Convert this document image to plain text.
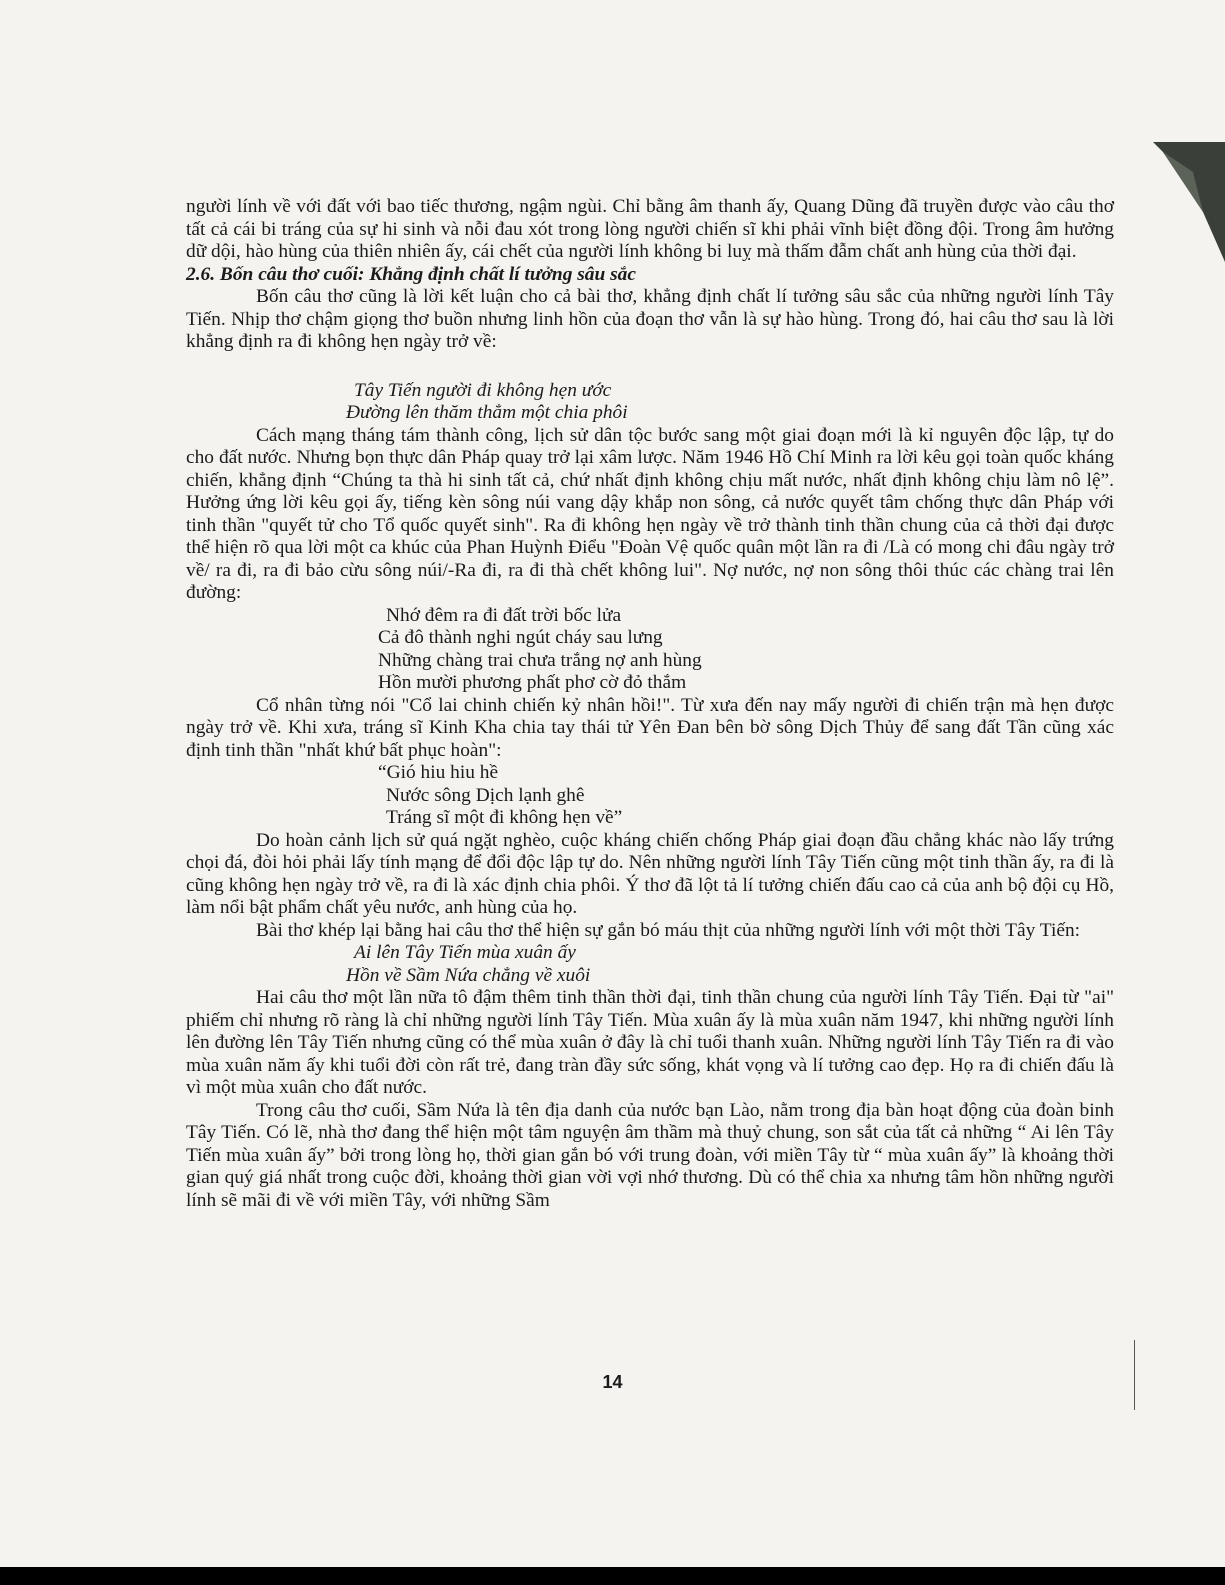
người lính về với đất với bao tiếc thương, ngậm ngùi. Chỉ bằng âm thanh ấy, Quang Dũng đã truyền được vào câu thơ tất cả cái bi tráng của sự hi sinh và nỗi đau xót trong lòng người chiến sĩ khi phải vĩnh biệt đồng đội. Trong âm hưởng dữ dội, hào hùng của thiên nhiên ấy, cái chết của người lính không bi luỵ mà thấm đẫm chất anh hùng của thời đại.

2.6. Bốn câu thơ cuối: Khẳng định chất lí tưởng sâu sắc

Bốn câu thơ cũng là lời kết luận cho cả bài thơ, khẳng định chất lí tưởng sâu sắc của những người lính Tây Tiến. Nhịp thơ chậm giọng thơ buồn nhưng linh hồn của đoạn thơ vẫn là sự hào hùng. Trong đó, hai câu thơ sau là lời khẳng định ra đi không hẹn ngày trở về:

Tây Tiến người đi không hẹn ước

Đường lên thăm thẳm một chia phôi

Cách mạng tháng tám thành công, lịch sử dân tộc bước sang một giai đoạn mới là kỉ nguyên độc lập, tự do cho đất nước. Nhưng bọn thực dân Pháp quay trở lại xâm lược. Năm 1946 Hồ Chí Minh ra lời kêu gọi toàn quốc kháng chiến, khẳng định “Chúng ta thà hi sinh tất cả, chứ nhất định không chịu mất nước, nhất định không chịu làm nô lệ”. Hưởng ứng lời kêu gọi ấy, tiếng kèn sông núi vang dậy khắp non sông, cả nước quyết tâm chống thực dân Pháp với tinh thần "quyết tử cho Tổ quốc quyết sinh". Ra đi không hẹn ngày về trở thành tinh thần chung của cả thời đại được thể hiện rõ qua lời một ca khúc của Phan Huỳnh Điểu "Đoàn Vệ quốc quân một lần ra đi /Là có mong chi đâu ngày trở về/ ra đi, ra đi bảo cừu sông núi/-Ra đi, ra đi thà chết không lui". Nợ nước, nợ non sông thôi thúc các chàng trai lên đường:

Nhớ đêm ra đi đất trời bốc lửa

Cả đô thành nghi ngút cháy sau lưng

Những chàng trai chưa trắng nợ anh hùng

Hồn mười phương phất phơ cờ đỏ thắm

Cổ nhân từng nói "Cổ lai chinh chiến kỷ nhân hồi!". Từ xưa đến nay mấy người đi chiến trận mà hẹn được ngày trở về. Khi xưa, tráng sĩ Kinh Kha chia tay thái tử Yên Đan bên bờ sông Dịch Thủy để sang đất Tần cũng xác định tinh thần "nhất khứ bất phục hoàn":

“Gió hiu hiu hề

Nước sông Dịch lạnh ghê

Tráng sĩ một đi không hẹn về”

Do hoàn cảnh lịch sử quá ngặt nghèo, cuộc kháng chiến chống Pháp giai đoạn đầu chẳng khác nào lấy trứng chọi đá, đòi hỏi phải lấy tính mạng để đổi độc lập tự do. Nên những người lính Tây Tiến cũng một tinh thần ấy, ra đi là cũng không hẹn ngày trở về, ra đi là xác định chia phôi. Ý thơ đã lột tả lí tưởng chiến đấu cao cả của anh bộ đội cụ Hồ, làm nổi bật phẩm chất yêu nước, anh hùng của họ.

Bài thơ khép lại bằng hai câu thơ thể hiện sự gắn bó máu thịt của những người lính với một thời Tây Tiến:

Ai lên Tây Tiến mùa xuân ấy

Hồn về Sầm Nứa chẳng về xuôi

Hai câu thơ một lần nữa tô đậm thêm tinh thần thời đại, tinh thần chung của người lính Tây Tiến. Đại từ "ai" phiếm chỉ nhưng rõ ràng là chỉ những người lính Tây Tiến. Mùa xuân ấy là mùa xuân năm 1947, khi những người lính lên đường lên Tây Tiến nhưng cũng có thể mùa xuân ở đây là chỉ tuổi thanh xuân. Những người lính Tây Tiến ra đi vào mùa xuân năm ấy khi tuổi đời còn rất trẻ, đang tràn đầy sức sống, khát vọng và lí tưởng cao đẹp. Họ ra đi chiến đấu là vì một mùa xuân cho đất nước.

Trong câu thơ cuối, Sầm Nứa là tên địa danh của nước bạn Lào, nằm trong địa bàn hoạt động của đoàn binh Tây Tiến. Có lẽ, nhà thơ đang thể hiện một tâm nguyện âm thầm mà thuỷ chung, son sắt của tất cả những “ Ai lên Tây Tiến mùa xuân ấy” bởi trong lòng họ, thời gian gắn bó với trung đoàn, với miền Tây từ “ mùa xuân ấy” là khoảng thời gian quý giá nhất trong cuộc đời, khoảng thời gian vời vợi nhớ thương. Dù có thể chia xa nhưng tâm hồn những người lính sẽ mãi đi về với miền Tây, với những Sầm

14
